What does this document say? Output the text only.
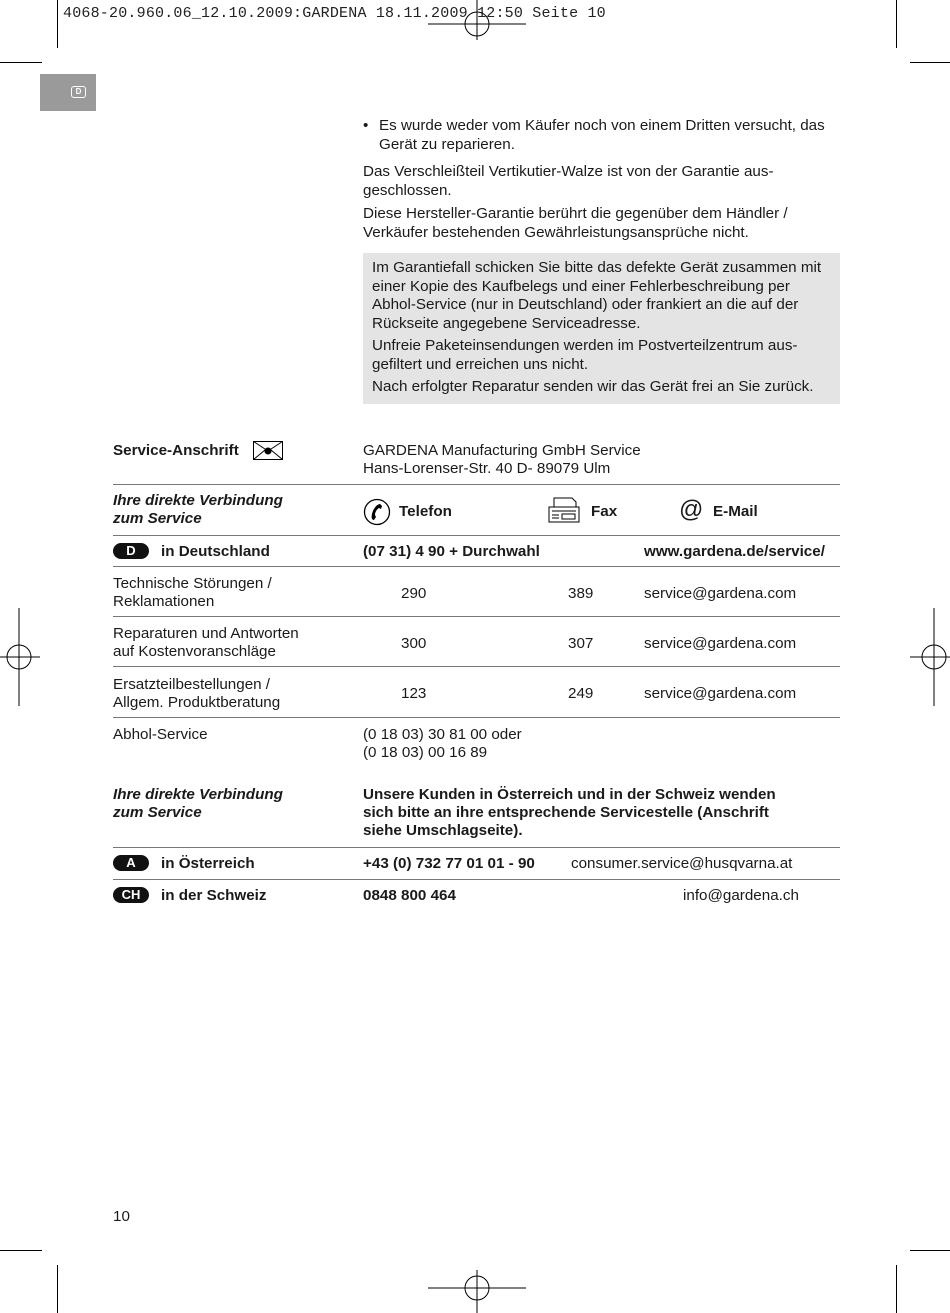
4068-20.960.06_12.10.2009:GARDENA 18.11.2009 12:50 Seite 10
D
• Es wurde weder vom Käufer noch von einem Dritten versucht, das Gerät zu reparieren.
Das Verschleißteil Vertikutier-Walze ist von der Garantie aus-geschlossen.
Diese Hersteller-Garantie berührt die gegenüber dem Händler / Verkäufer bestehenden Gewährleistungsansprüche nicht.
Im Garantiefall schicken Sie bitte das defekte Gerät zusammen mit einer Kopie des Kaufbelegs und einer Fehlerbeschreibung per Abhol-Service (nur in Deutschland) oder frankiert an die auf der Rückseite angegebene Serviceadresse.
Unfreie Paketeinsendungen werden im Postverteilzentrum aus-gefiltert und erreichen uns nicht.
Nach erfolgter Reparatur senden wir das Gerät frei an Sie zurück.
Service-Anschrift	GARDENA Manufacturing GmbH Service
Hans-Lorenser-Str. 40 D- 89079 Ulm
Ihre direkte Verbindung
zum Service	Telefon	Fax	@ E-Mail
D	in Deutschland	(07 31) 4 90 + Durchwahl	www.gardena.de/service/
Technische Störungen /
Reklamationen	290	389	service@gardena.com
Reparaturen und Antworten
auf Kostenvoranschläge	300	307	service@gardena.com
Ersatzteilbestellungen /
Allgem. Produktberatung
123	249	service@gardena.com
Abhol-Service	(0 18 03) 30 81 00 oder
(0 18 03) 00 16 89
Ihre direkte Verbindung
zum Service
Unsere Kunden in Österreich und in der Schweiz wenden
sich bitte an ihre entsprechende Servicestelle (Anschrift
siehe Umschlagseite).
A	in Österreich	+43 (0) 732 77 01 01 - 90 consumer.service@husqvarna.at
CH	in der Schweiz	0848 800 464	info@gardena.ch
10
